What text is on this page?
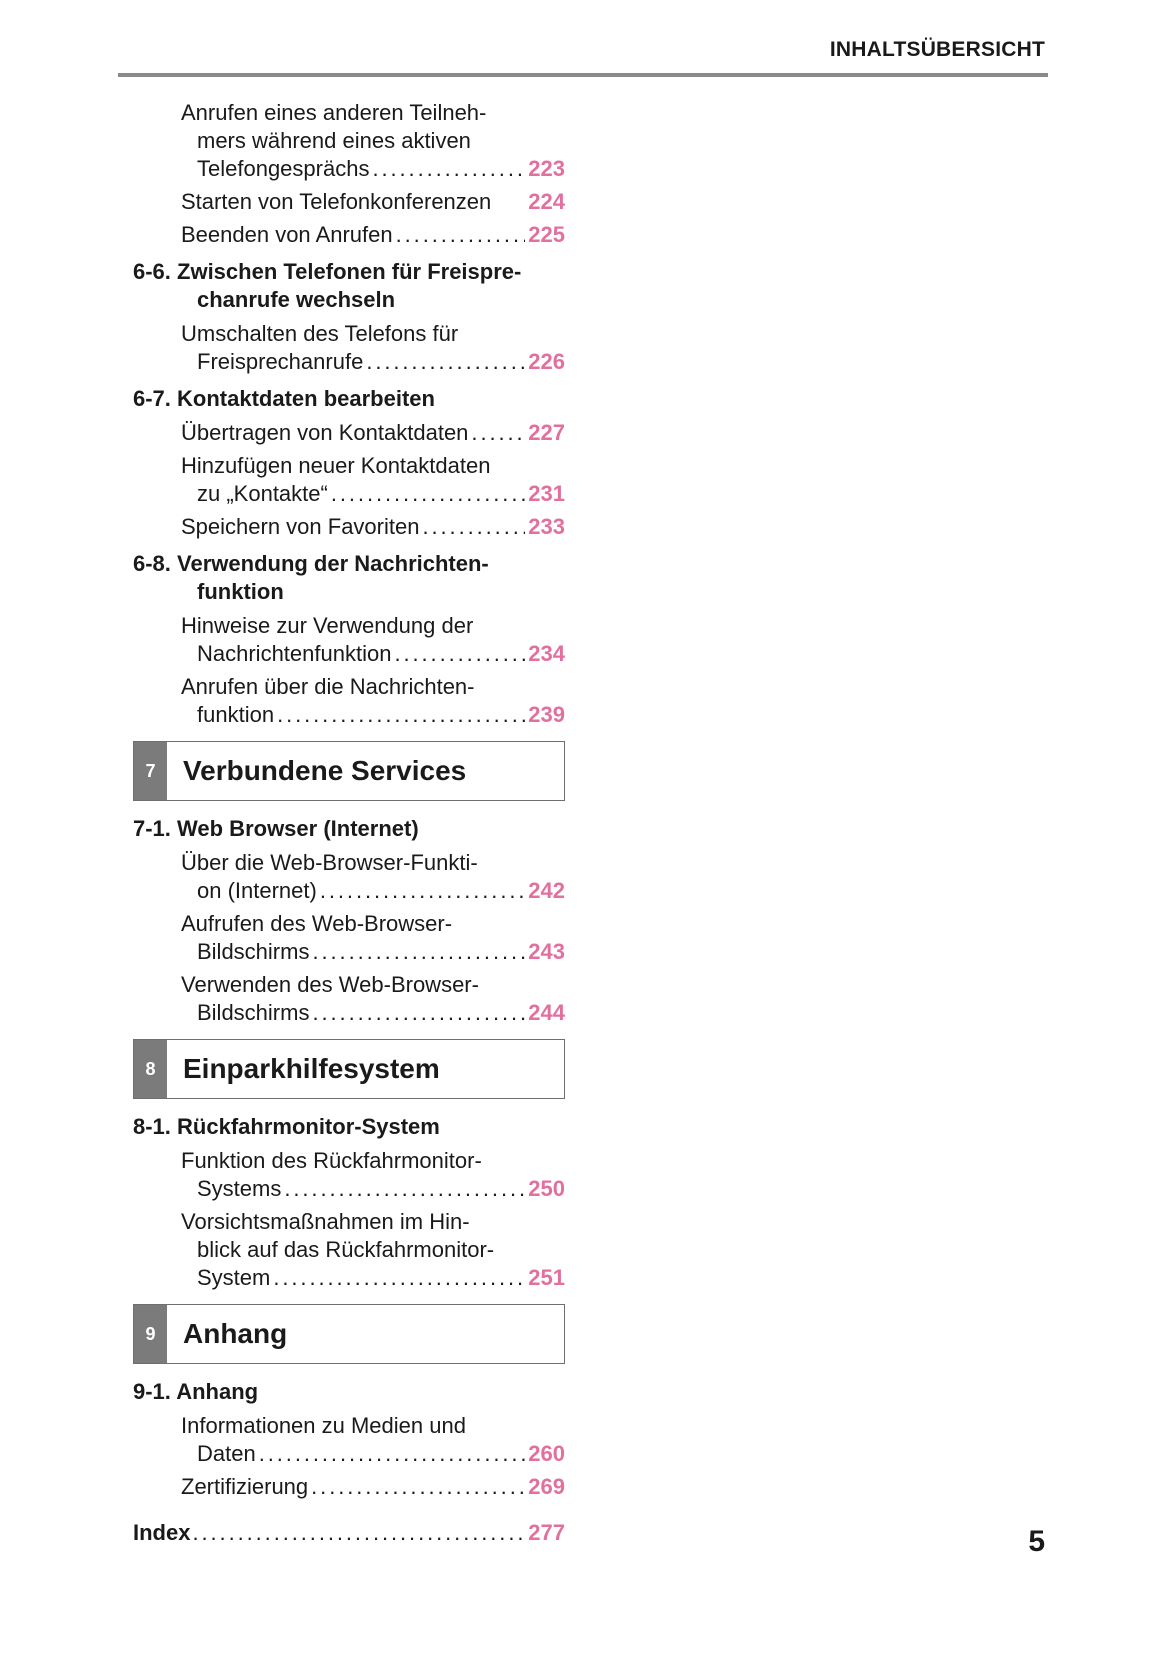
INHALTSÜBERSICHT
Anrufen eines anderen Teilneh-
mers während eines aktiven
Telefongesprächs . . .	223
Starten von Telefonkonferenzen 224
Beenden von Anrufen . . .	225
6-6. Zwischen Telefonen für Freispre-
chanrufe wechseln
Umschalten des Telefons für
Freisprechanrufe . . .	226
6-7. Kontaktdaten bearbeiten
Übertragen von Kontaktdaten . . .	227
Hinzufügen neuer Kontaktdaten
zu „Kontakte“ . . .	231
Speichern von Favoriten . . .	233
6-8. Verwendung der Nachrichten-
funktion
Hinweise zur Verwendung der
Nachrichtenfunktion . . .	234
Anrufen über die Nachrichten-
funktion . . .	239
7 Verbundene Services
7-1. Web Browser (Internet)
Über die Web-Browser-Funkti-
on (Internet) . . .	242
Aufrufen des Web-Browser-
Bildschirms . . .	243
Verwenden des Web-Browser-
Bildschirms . . .	244
8 Einparkhilfesystem
8-1. Rückfahrmonitor-System
Funktion des Rückfahrmonitor-
Systems . . .	250
Vorsichtsmaßnahmen im Hin-
blick auf das Rückfahrmonitor-
System . . .	251
9 Anhang
9-1. Anhang
Informationen zu Medien und
Daten . . .	260
Zertifizierung . . .	269
Index . . .	277	5
